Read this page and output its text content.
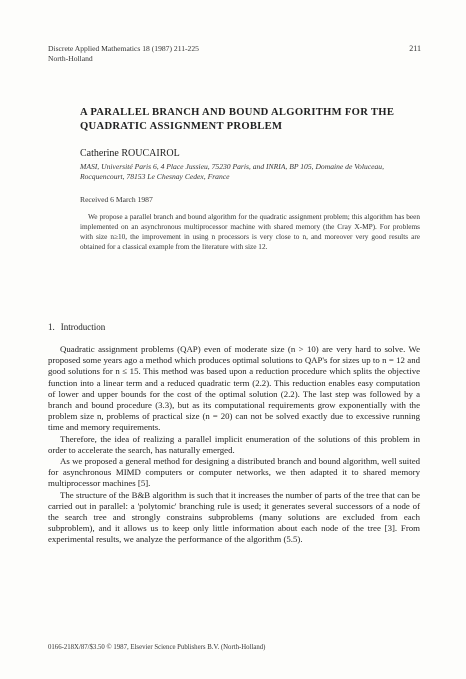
Discrete Applied Mathematics 18 (1987) 211-225
North-Holland
211
A PARALLEL BRANCH AND BOUND ALGORITHM FOR THE QUADRATIC ASSIGNMENT PROBLEM
Catherine ROUCAIROL
MASI, Université Paris 6, 4 Place Jussieu, 75230 Paris, and INRIA, BP 105, Domaine de Voluceau, Rocquencourt, 78153 Le Chesnay Cedex, France
Received 6 March 1987

We propose a parallel branch and bound algorithm for the quadratic assignment problem; this algorithm has been implemented on an asynchronous multiprocessor machine with shared memory (the Cray X-MP). For problems with size n≥10, the improvement in using n processors is very close to n, and moreover very good results are obtained for a classical example from the literature with size 12.

1. Introduction

Quadratic assignment problems (QAP) even of moderate size (n > 10) are very hard to solve. We proposed some years ago a method which produces optimal solutions to QAP's for sizes up to n = 12 and good solutions for n ≤ 15. This method was based upon a reduction procedure which splits the objective function into a linear term and a reduced quadratic term (2.2). This reduction enables easy computation of lower and upper bounds for the cost of the optimal solution (2.2). The last step was followed by a branch and bound procedure (3.3), but as its computational requirements grow exponentially with the problem size n, problems of practical size (n = 20) can not be solved exactly due to excessive running time and memory requirements.

Therefore, the idea of realizing a parallel implicit enumeration of the solutions of this problem in order to accelerate the search, has naturally emerged.

As we proposed a general method for designing a distributed branch and bound algorithm, well suited for asynchronous MIMD computers or computer networks, we then adapted it to shared memory multiprocessor machines [5].

The structure of the B&B algorithm is such that it increases the number of parts of the tree that can be carried out in parallel: a 'polytomic' branching rule is used; it generates several successors of a node of the search tree and strongly constrains subproblems (many solutions are excluded from each subproblem), and it allows us to keep only little information about each node of the tree [3]. From experimental results, we analyze the performance of the algorithm (5.5).

0166-218X/87/$3.50 © 1987, Elsevier Science Publishers B.V. (North-Holland)
